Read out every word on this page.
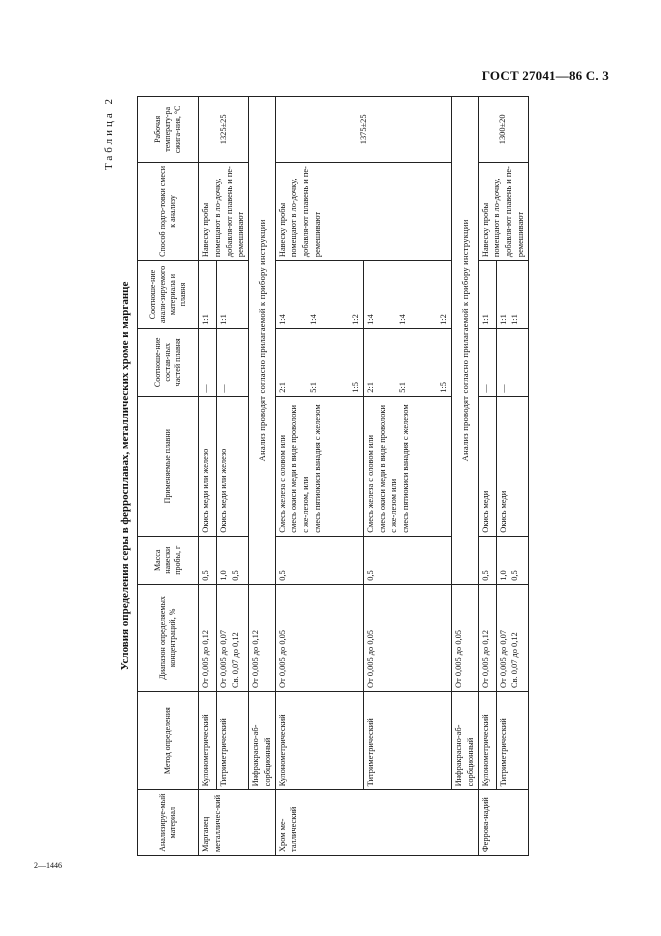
ГОСТ 27041—86 С. 3
2—1446
Таблица 2
Условия определения серы в ферросплавах, металлических хроме и марганце
Анализируе-мый материал	Метод определения	Диапазон определяемых концентраций, %	Масса навески пробы, г	Применяемые плавни	Соотноше-ние состав-ных частей плавня	Соотноше-ние анали-зируемого материала и плавня	Способ подго-товки смеси к анализу	Рабочая температу-ра сжига-ния, °С
Марганец металличес-кий	Кулонометрический	От 0,005 до 0,12	0,5	Окись меди или железо	—	1:1	Навеску пробы помещают в ло-дочку, добавля-ют плавень и пе-ремешивают	1325±25
	Титриметрический	От 0,005 до 0,07 Св. 0,07 до 0,12	1,0 0,5	Окись меди или железо	—	1:1		
	Инфракрасно-аб-сорбционный	От 0,005 до 0,12	Анализ проводят согласно прилагаемой к прибору инструкции					
Хром ме-таллический	Кулонометрический	От 0,005 до 0,05	0,5	Смесь железа с оловом или смесь окиси меди в виде проволоки с же-лезом, или смесь пятиокиси ванадия с железом	2:1 5:1 1:5	1:4 1:4 1:2	Навеску пробы помещают в ло-дочку, добавля-ют плавень и пе-ремешивают	1375±25
	Титриметрический	От 0,005 до 0,05	0,5	Смесь железа с оловом или смесь окиси меди в виде проволоки с же-лезом или смесь пятиокиси ванадия с железом	2:1 5:1 1:5	1:4 1:4 1:2		

	Инфракрасно-аб-сорбционный	От 0,005 до 0,05	Анализ проводят согласно прилагаемой к прибору инструкции					
Феррова-надий	Кулонометрический	От 0,005 до 0,12	0,5	Окись меди	—	1:1	Навеску пробы помещают в ло-дочку, добавля-ют плавень и пе-ремешивают	1300±20
	Титриметрический	От 0,005 до 0,07 Св. 0,07 до 0,12	1,0 0,5	Окись меди	—	1:1 1:1		
